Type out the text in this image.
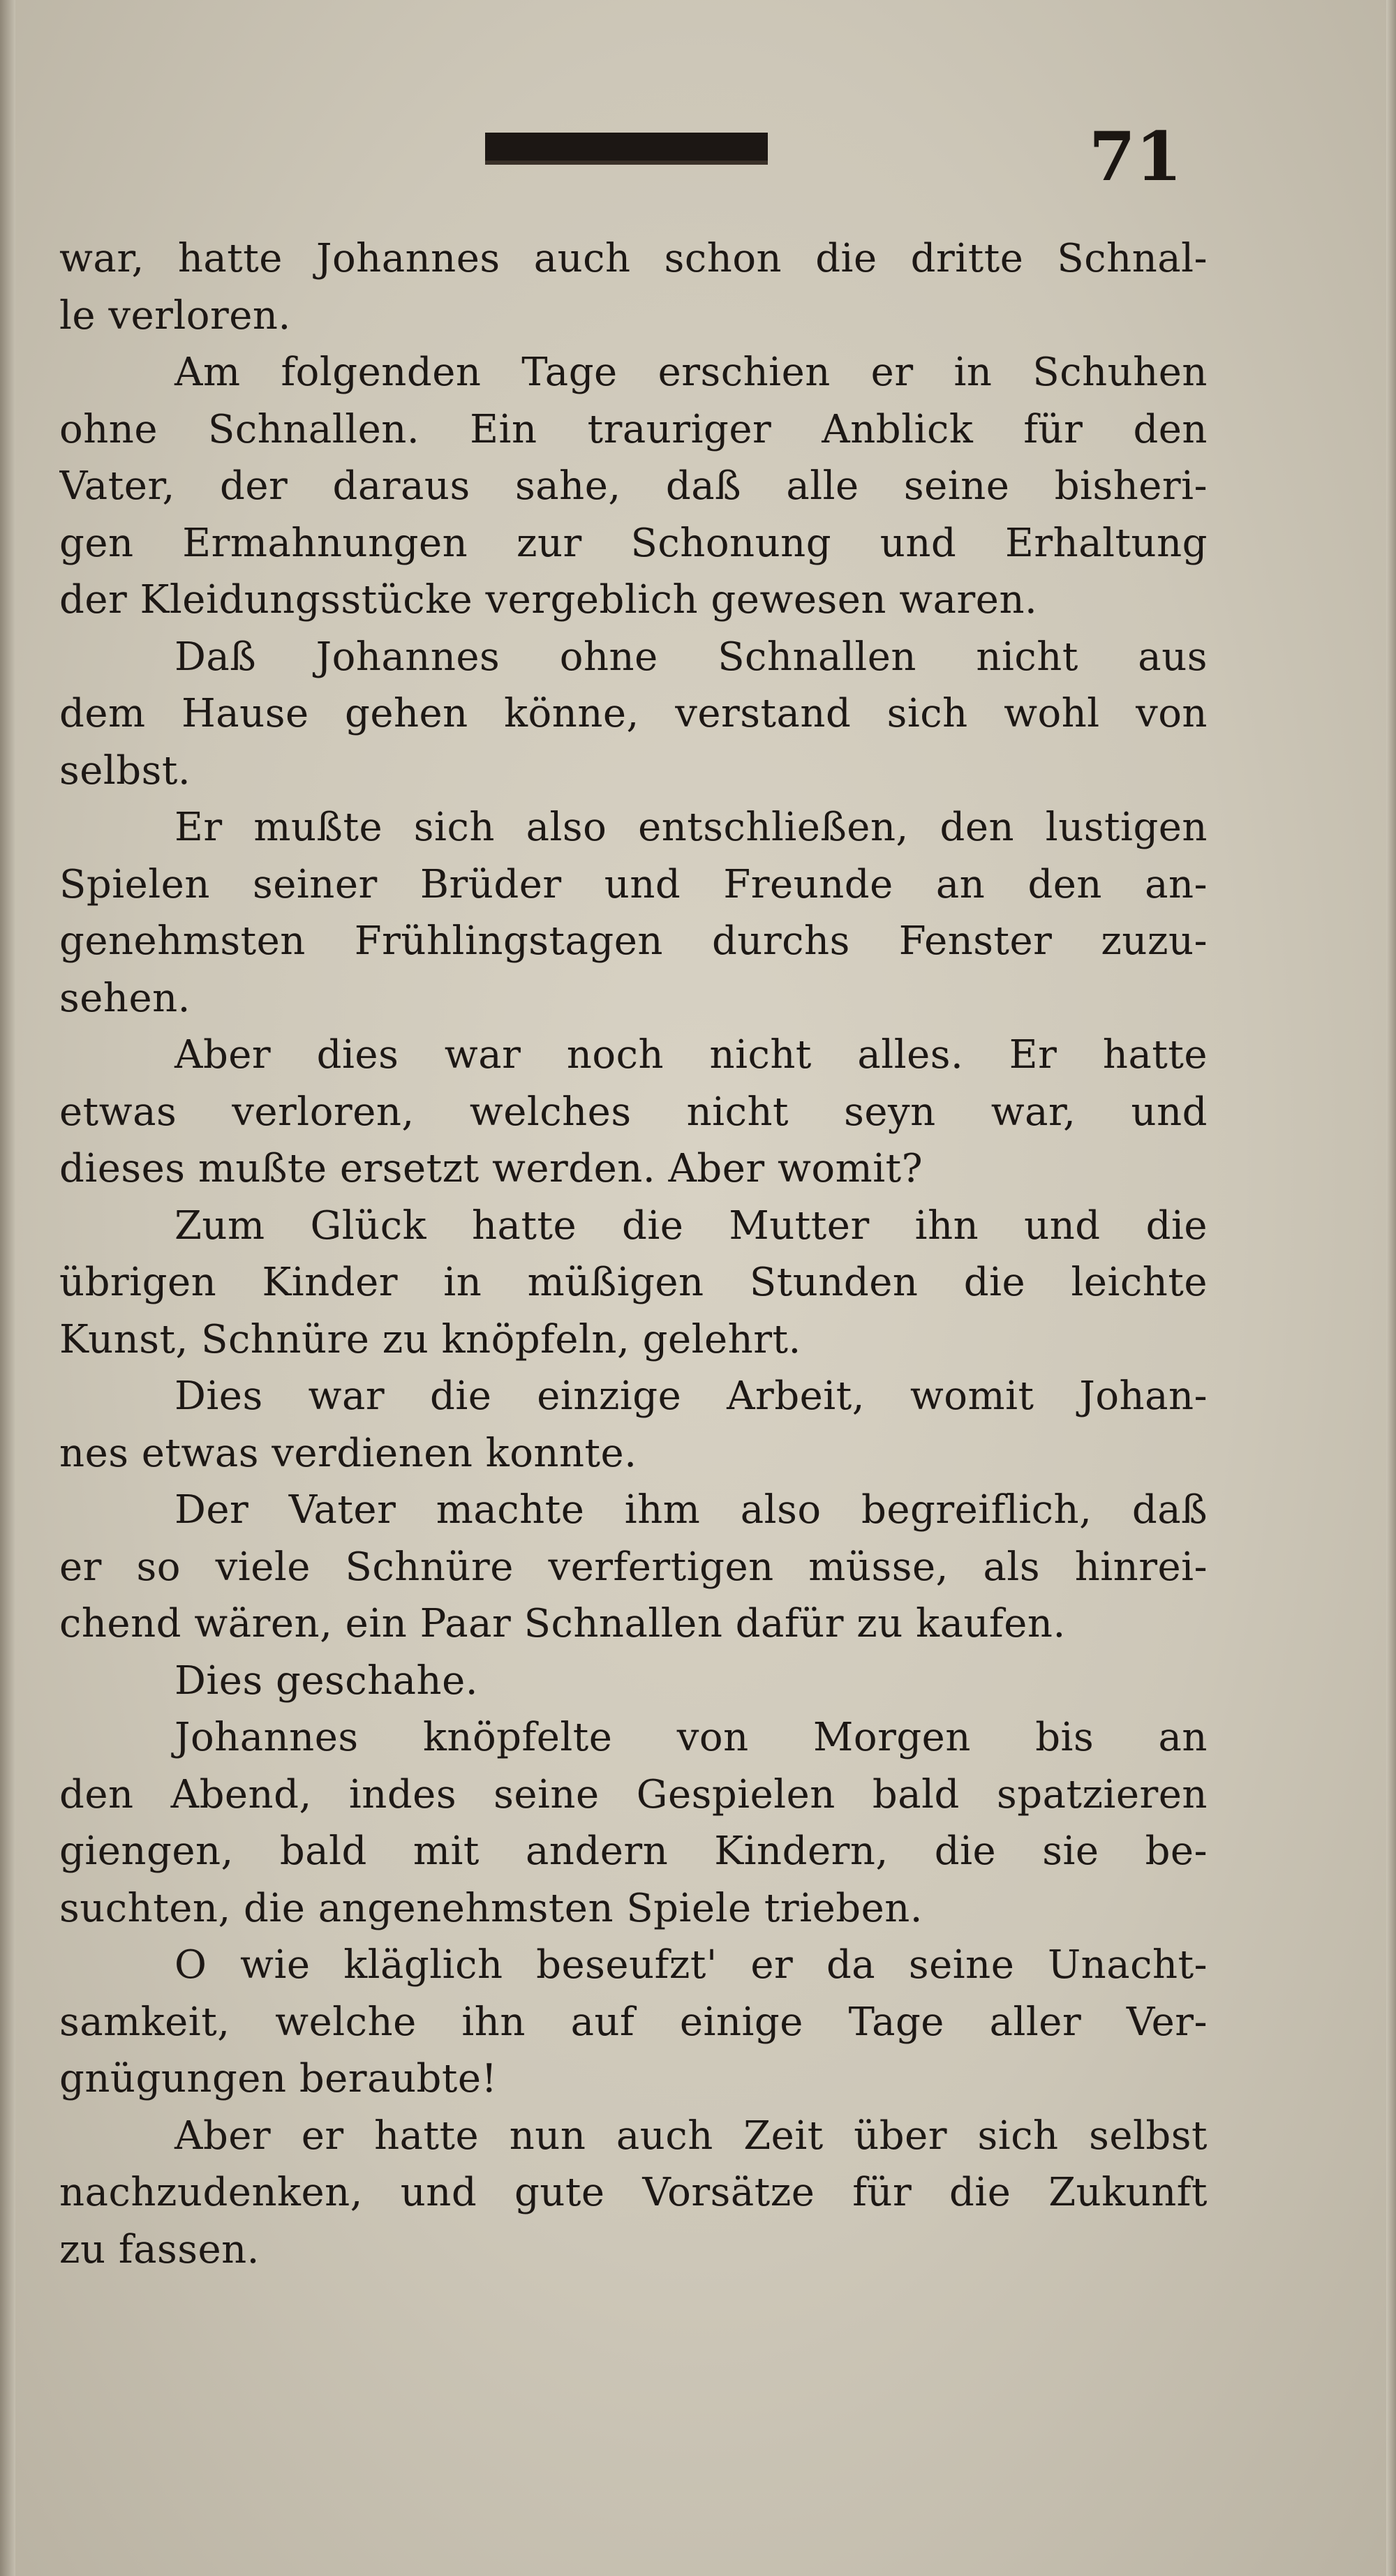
71
war, hatte Johannes auch schon die dritte Schnal-
le verloren.
Am folgenden Tage erschien er in Schuhen
ohne Schnallen. Ein trauriger Anblick für den
Vater, der daraus sahe, daß alle seine bisheri-
gen Ermahnungen zur Schonung und Erhaltung
der Kleidungsstücke vergeblich gewesen waren.
Daß Johannes ohne Schnallen nicht aus
dem Hause gehen könne, verstand sich wohl von
selbst.
Er mußte sich also entschließen, den lustigen
Spielen seiner Brüder und Freunde an den an-
genehmsten Frühlingstagen durchs Fenster zuzu-
sehen.
Aber dies war noch nicht alles. Er hatte
etwas verloren, welches nicht seyn war, und
dieses mußte ersetzt werden. Aber womit?
Zum Glück hatte die Mutter ihn und die
übrigen Kinder in müßigen Stunden die leichte
Kunst, Schnüre zu knöpfeln, gelehrt.
Dies war die einzige Arbeit, womit Johan-
nes etwas verdienen konnte.
Der Vater machte ihm also begreiflich, daß
er so viele Schnüre verfertigen müsse, als hinrei-
chend wären, ein Paar Schnallen dafür zu kaufen.
Dies geschahe.
Johannes knöpfelte von Morgen bis an
den Abend, indes seine Gespielen bald spatzieren
giengen, bald mit andern Kindern, die sie be-
suchten, die angenehmsten Spiele trieben.
O wie kläglich beseufzt' er da seine Unacht-
samkeit, welche ihn auf einige Tage aller Ver-
gnügungen beraubte!
Aber er hatte nun auch Zeit über sich selbst
nachzudenken, und gute Vorsätze für die Zukunft
zu fassen.
